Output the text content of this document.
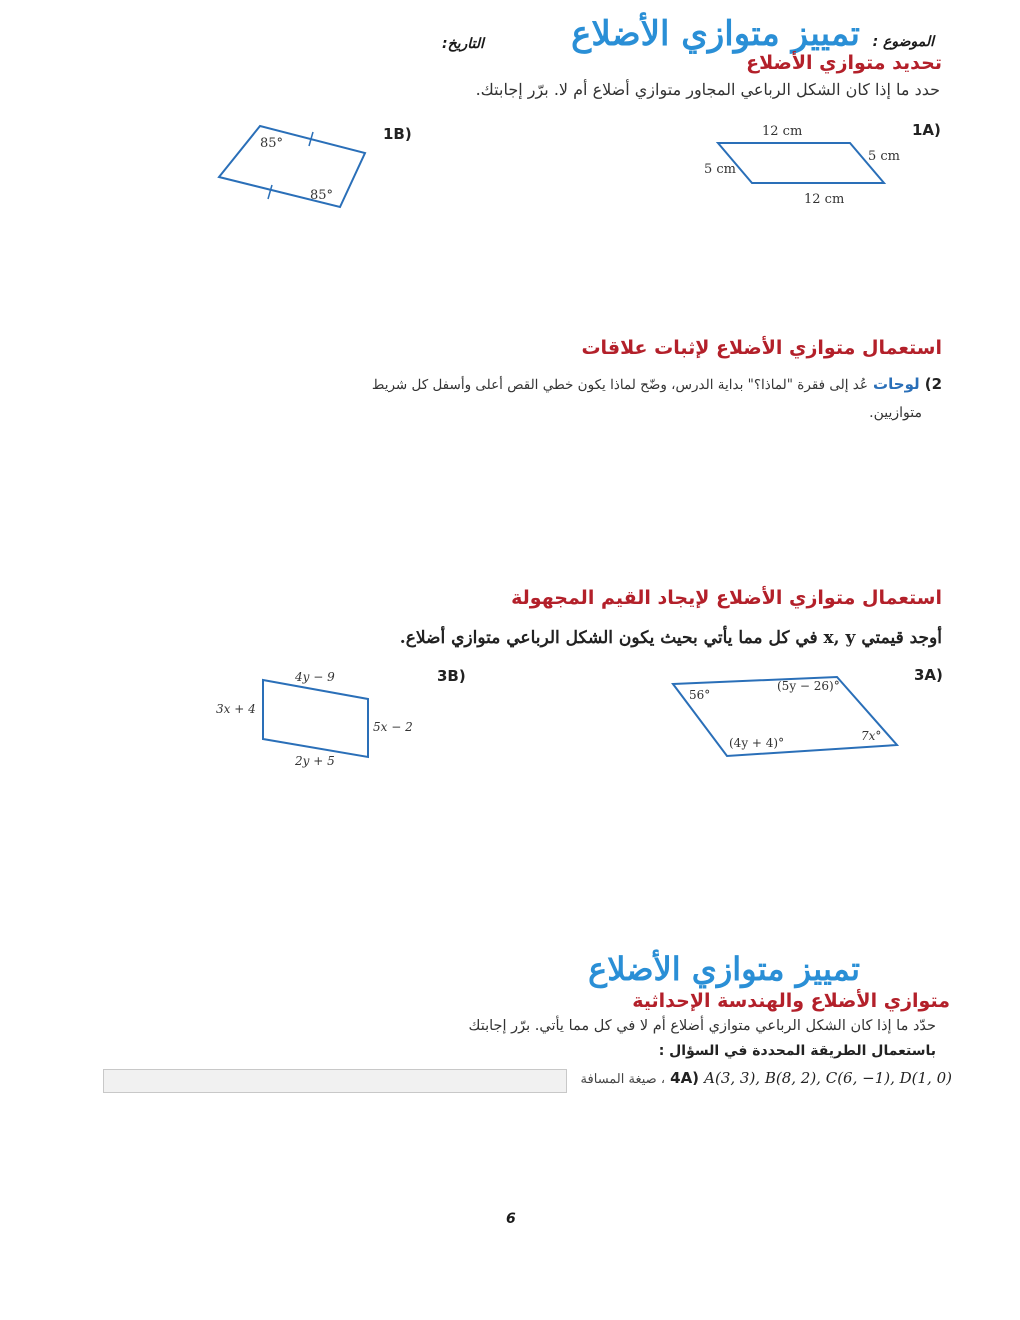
تمييز متوازي الأضلاع الموضوع :
التاريخ:
تحديد متوازي الأضلاع
حدد ما إذا كان الشكل الرباعي المجاور متوازي أضلاع أم لا. برّر إجابتك.
1A)
12 cm
5 cm
5 cm
12 cm
1B)
85°
85°
استعمال متوازي الأضلاع لإثبات علاقات
2) لوحات عُد إلى فقرة "لماذا؟" بداية الدرس، وضّح لماذا يكون خطي القص أعلى وأسفل كل شريط
متوازيين.
استعمال متوازي الأضلاع لإيجاد القيم المجهولة
أوجد قيمتي x, y في كل مما يأتي بحيث يكون الشكل الرباعي متوازي أضلاع.
3A)
56°
(5y − 26)°
(4y + 4)°	7x°
3B)
4y − 9
3x + 4
5x − 2
2y + 5
تمييز متوازي الأضلاع
متوازي الأضلاع والهندسة الإحداثية
حدّد ما إذا كان الشكل الرباعي متوازي أضلاع أم لا في كل مما يأتي. برّر إجابتك
باستعمال الطريقة المحددة في السؤال :
4A) A(3, 3), B(8, 2), C(6, −1), D(1, 0) ، صيغة المسافة
6
